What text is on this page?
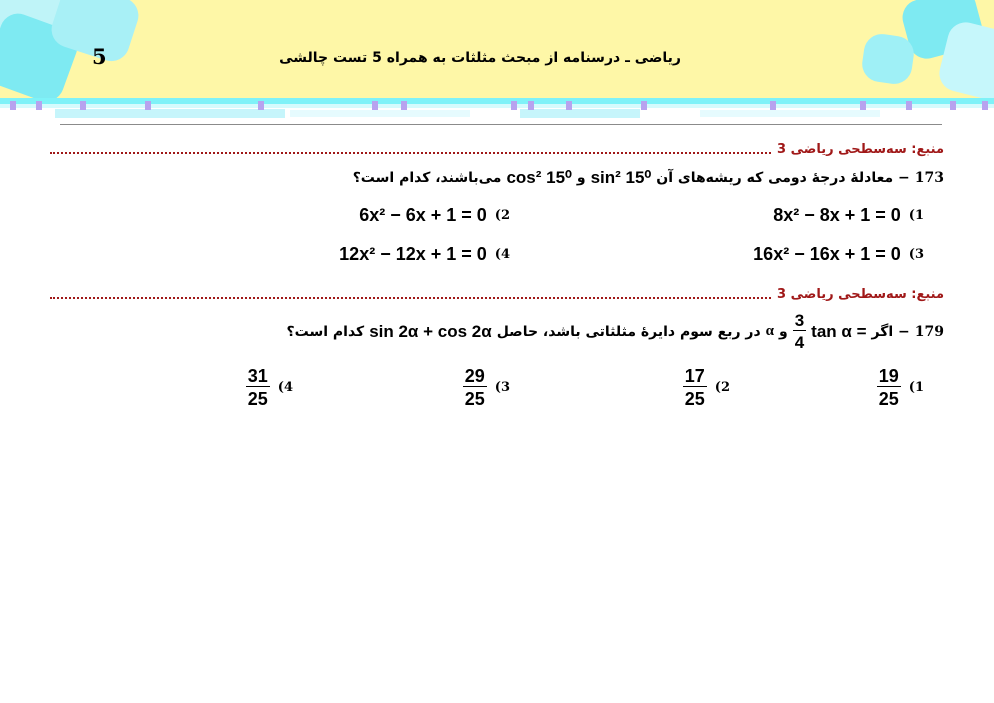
5	ریاضی ـ درسنامه از مبحث مثلثات به همراه 5 تست چالشی
منبع: سه‌سطحی ریاضی 3
173
− معادلهٔ درجهٔ دومی که ریشه‌های آن
sin² 15⁰
و
cos² 15⁰
می‌باشند، کدام است؟
1)
8x² − 8x + 1 = 0
2)
6x² − 6x + 1 = 0
3)
16x² − 16x + 1 = 0
4)
12x² − 12x + 1 = 0
منبع: سه‌سطحی ریاضی 3
179
− اگر
tan α =
$\frac{3}{4}$
و
α
در ربع سوم دایرهٔ مثلثاتی باشد، حاصل
sin 2α + cos 2α
کدام است؟
1)
$\frac{19}{25}$
2)
$\frac{17}{25}$
3)
$\frac{29}{25}$
4)
$\frac{31}{25}$
